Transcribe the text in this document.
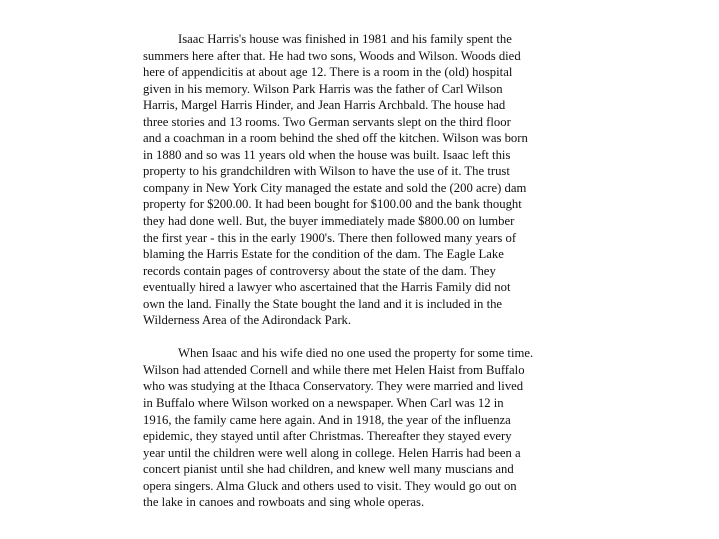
Isaac Harris's house was finished in 1981 and his family spent the
summers here after that. He had two sons, Woods and Wilson. Woods died
here of appendicitis at about age 12. There is a room in the (old) hospital
given in his memory. Wilson Park Harris was the father of Carl Wilson
Harris, Margel Harris Hinder, and Jean Harris Archbald. The house had
three stories and 13 rooms. Two German servants slept on the third floor
and a coachman in a room behind the shed off the kitchen. Wilson was born
in 1880 and so was 11 years old when the house was built. Isaac left this
property to his grandchildren with Wilson to have the use of it. The trust
company in New York City managed the estate and sold the (200 acre) dam
property for $200.00. It had been bought for $100.00 and the bank thought
they had done well. But, the buyer immediately made $800.00 on lumber
the first year - this in the early 1900's. There then followed many years of
blaming the Harris Estate for the condition of the dam. The Eagle Lake
records contain pages of controversy about the state of the dam. They
eventually hired a lawyer who ascertained that the Harris Family did not
own the land. Finally the State bought the land and it is included in the
Wilderness Area of the Adirondack Park.
When Isaac and his wife died no one used the property for some time.
Wilson had attended Cornell and while there met Helen Haist from Buffalo
who was studying at the Ithaca Conservatory. They were married and lived
in Buffalo where Wilson worked on a newspaper. When Carl was 12 in
1916, the family came here again. And in 1918, the year of the influenza
epidemic, they stayed until after Christmas. Thereafter they stayed every
year until the children were well along in college. Helen Harris had been a
concert pianist until she had children, and knew well many muscians and
opera singers. Alma Gluck and others used to visit. They would go out on
the lake in canoes and rowboats and sing whole operas.
